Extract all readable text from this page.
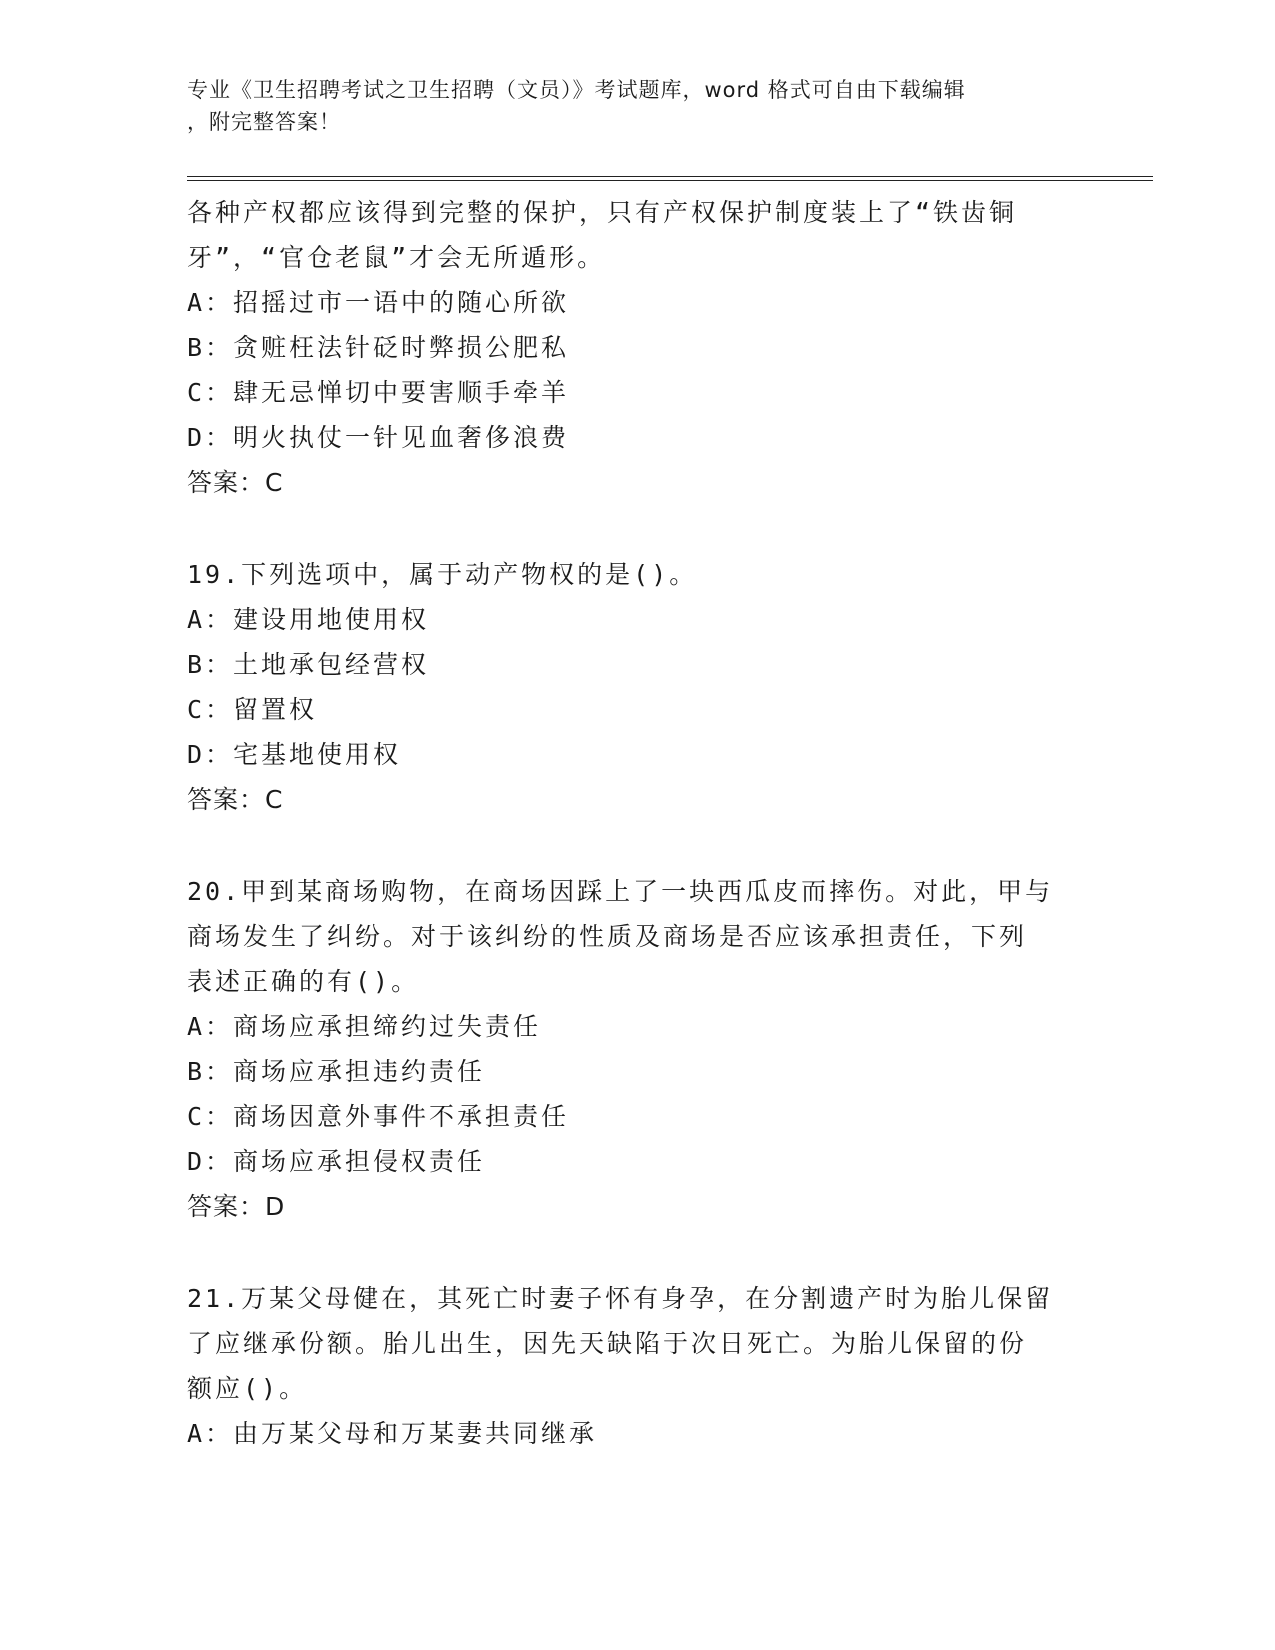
专业《卫生招聘考试之卫生招聘（文员）》考试题库，word 格式可自由下载编辑
，附完整答案！
各种产权都应该得到完整的保护，只有产权保护制度装上了“铁齿铜
牙”，“官仓老鼠”才会无所遁形。
A：招摇过市一语中的随心所欲
B：贪赃枉法针砭时弊损公肥私
C：肆无忌惮切中要害顺手牵羊
D：明火执仗一针见血奢侈浪费
答案：C
19.下列选项中，属于动产物权的是()。
A：建设用地使用权
B：土地承包经营权
C：留置权
D：宅基地使用权
答案：C
20.甲到某商场购物，在商场因踩上了一块西瓜皮而摔伤。对此，甲与
商场发生了纠纷。对于该纠纷的性质及商场是否应该承担责任，下列
表述正确的有()。
A：商场应承担缔约过失责任
B：商场应承担违约责任
C：商场因意外事件不承担责任
D：商场应承担侵权责任
答案：D
21.万某父母健在，其死亡时妻子怀有身孕，在分割遗产时为胎儿保留
了应继承份额。胎儿出生，因先天缺陷于次日死亡。为胎儿保留的份
额应()。
A：由万某父母和万某妻共同继承
